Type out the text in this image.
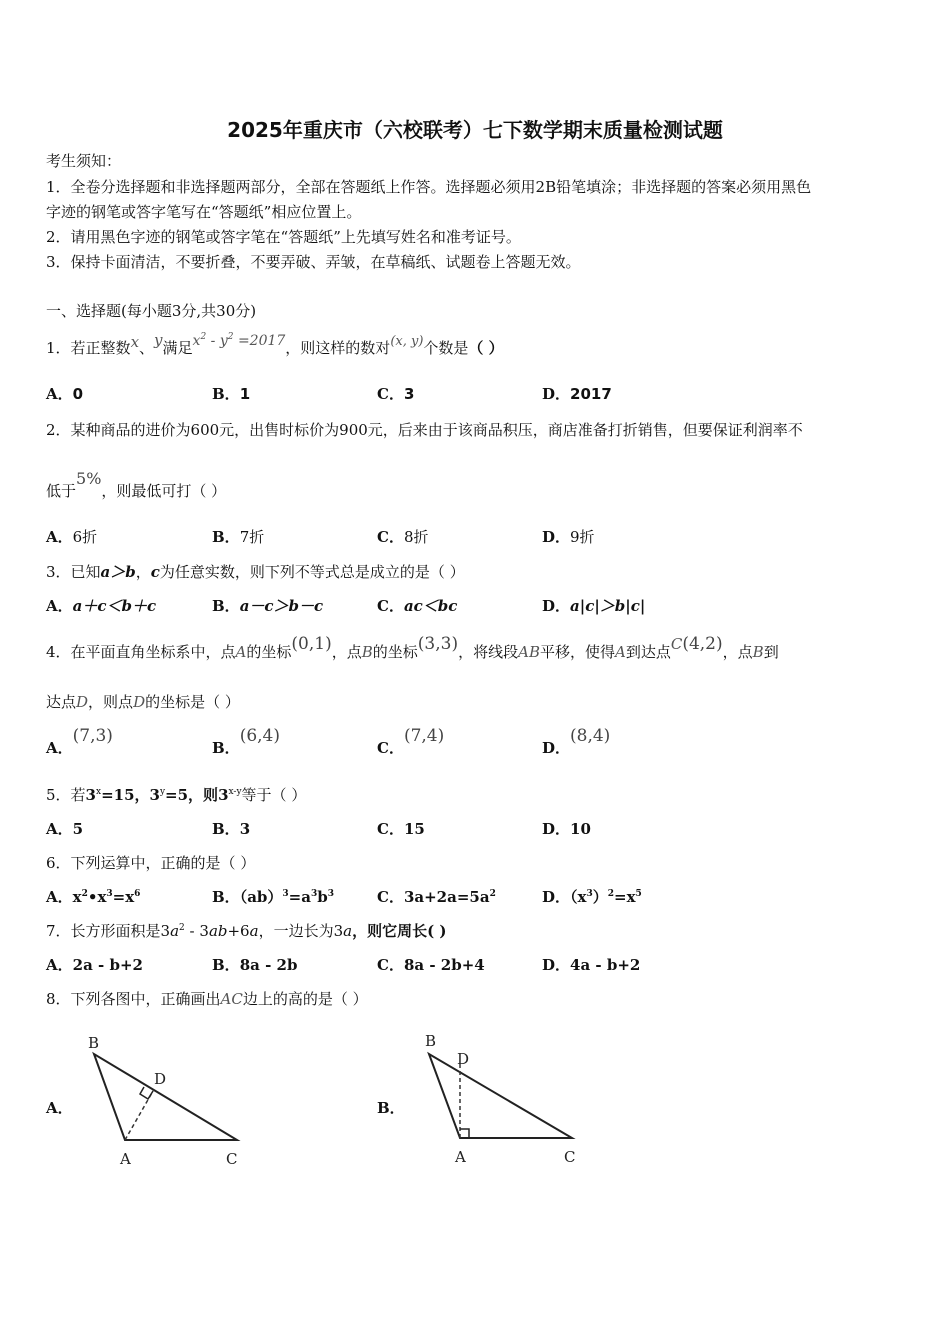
2025年重庆市（六校联考）七下数学期末质量检测试题
考生须知：
1．全卷分选择题和非选择题两部分，全部在答题纸上作答。选择题必须用2B铅笔填涂；非选择题的答案必须用黑色
字迹的钢笔或答字笔写在“答题纸”相应位置上。
2．请用黑色字迹的钢笔或答字笔在“答题纸”上先填写姓名和准考证号。
3．保持卡面清洁，不要折叠，不要弄破、弄皱，在草稿纸、试题卷上答题无效。
一、选择题(每小题3分,共30分)
1．若正整数x、y满足$x^2 - y^2 =2017$，则这样的数对(x, y)个数是（ ）
A．0	B．1	C．3	D．2017
2．某种商品的进价为600元，出售时标价为900元，后来由于该商品积压，商店准备打折销售，但要保证利润率不
低于5%，则最低可打（ ）
A．6折	B．7折	C．8折	D．9折
3．已知a＞b，c为任意实数，则下列不等式总是成立的是（ ）
A．a＋c＜b＋c	B．a－c＞b－c	C．ac＜bc	D．a|c|＞b|c|
4．在平面直角坐标系中，点A的坐标(0,1)，点B的坐标(3,3)，将线段AB平移，使得A到达点C(4,2)，点B到
达点D，则点D的坐标是（ ）
A．(7,3)
B．(6,4)
C．(7,4)
D．(8,4)
5．若$3^x=15$，$3^y=5$，则3$^{x-y}$等于（ ）
A．5	B．3	C．15	D．10
6．下列运算中，正确的是（ ）
A．$x^2•x^3=x^6$	B．$(ab)^3=a^3b^3$	C．$3a+2a=5a^2$	D．$(x^3)^2=x^5$
7．长方形面积是$3a^2 - 3ab+6a$，一边长为3a，则它周长( )
A．2a - b+2	B．8a - 2b	C．8a - 2b+4	D．4a - b+2
8．下列各图中，正确画出AC边上的高的是（ ）
A．
B
D
A	C
B．
B
D
A	C
